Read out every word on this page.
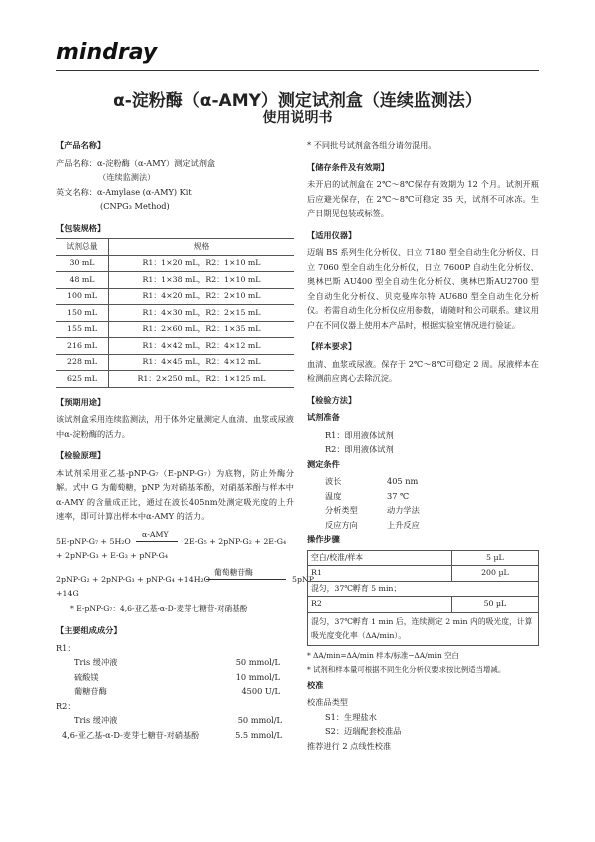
mindray
α-淀粉酶（α-AMY）测定试剂盒（连续监测法）
使用说明书
【产品名称】
产品名称：α-淀粉酶（α-AMY）测定试剂盒
（连续监测法）
英文名称：α-Amylase (α-AMY) Kit
(CNPG₃ Method)
【包装规格】
试剂总量	规格
30 mL	R1：1×20 mL，R2：1×10 mL
48 mL	R1：1×38 mL，R2：1×10 mL
100 mL	R1：4×20 mL，R2：2×10 mL
150 mL	R1：4×30 mL，R2：2×15 mL
155 mL	R1：2×60 mL，R2：1×35 mL
216 mL	R1：4×42 mL，R2：4×12 mL
228 mL	R1：4×45 mL，R2：4×12 mL
625 mL	R1：2×250 mL，R2：1×125 mL
【预期用途】

该试剂盒采用连续监测法，用于体外定量测定人血清、血浆或尿液中α-淀粉酶的活力。

【检验原理】

本试剂采用亚乙基-pNP-G₇（E-pNP-G₇）为底物，防止外酶分解。式中 G 为葡萄糖，pNP 为对硝基苯酚，对硝基苯酚与样本中α-AMY 的含量成正比，通过在波长405nm处测定吸光度的上升速率，即可计算出样本中α-AMY 的活力。

α-AMY
5E-pNP-G₇ + 5H₂O	2E-G₅ + 2pNP-G₂ + 2E-G₄
+ 2pNP-G₃ + E-G₃ + pNP-G₄
葡萄糖苷酶
2pNP-G₂ + 2pNP-G₃ + pNP-G₄ +14H₂O	5pNP
+14G
* E-pNP-G₇：4,6-亚乙基-α-D-麦芽七糖苷-对硝基酚
【主要组成成分】
R1：
Tris 缓冲液	50 mmol/L
硫酸镁	10 mmol/L
葡糖苷酶	4500 U/L
R2：
Tris 缓冲液	50 mmol/L
4,6-亚乙基-α-D-麦芽七糖苷-对硝基酚	5.5 mmol/L
* 不同批号试剂盒各组分请勿混用。
【储存条件及有效期】

未开启的试剂盒在 2℃～8℃保存有效期为 12 个月。试剂开瓶后应避光保存，在 2℃～8℃可稳定 35 天，试剂不可冰冻。生产日期见包装或标签。

【适用仪器】

迈瑞 BS 系列生化分析仪、日立 7180 型全自动生化分析仪、日立 7060 型全自动生化分析仪，日立 7600P 自动生化分析仪、奥林巴斯 AU400 型全自动生化分析仪、奥林巴斯AU2700 型全自动生化分析仪、贝克曼库尔特 AU680 型全自动生化分析仪。若需自动生化分析仪应用参数，请随时和公司联系。建议用户在不同仪器上使用本产品时，根据实验室情况进行验证。

【样本要求】

血清、血浆或尿液。保存于 2℃～8℃可稳定 2 周。尿液样本在检测前应离心去除沉淀。

【检验方法】
试剂准备
R1：即用液体试剂
R2：即用液体试剂
测定条件
波长	405 nm
温度	37 ℃
分析类型	动力学法
反应方向	上升反应
操作步骤
空白/校准/样本	5 µL
R1	200 µL
混匀，37℃孵育 5 min；	
R2	50 µL
混匀，37℃孵育 1 min 后，连续测定 2 min 内的吸光度，计算吸光度变化率（ΔA/min）。	
* ΔA/min=ΔA/min 样本/标准−ΔA/min 空白

* 试剂和样本量可根据不同生化分析仪要求按比例适当增减。

校准
校准品类型
S1：生理盐水
S2：迈瑞配套校准品
推荐进行 2 点线性校准
